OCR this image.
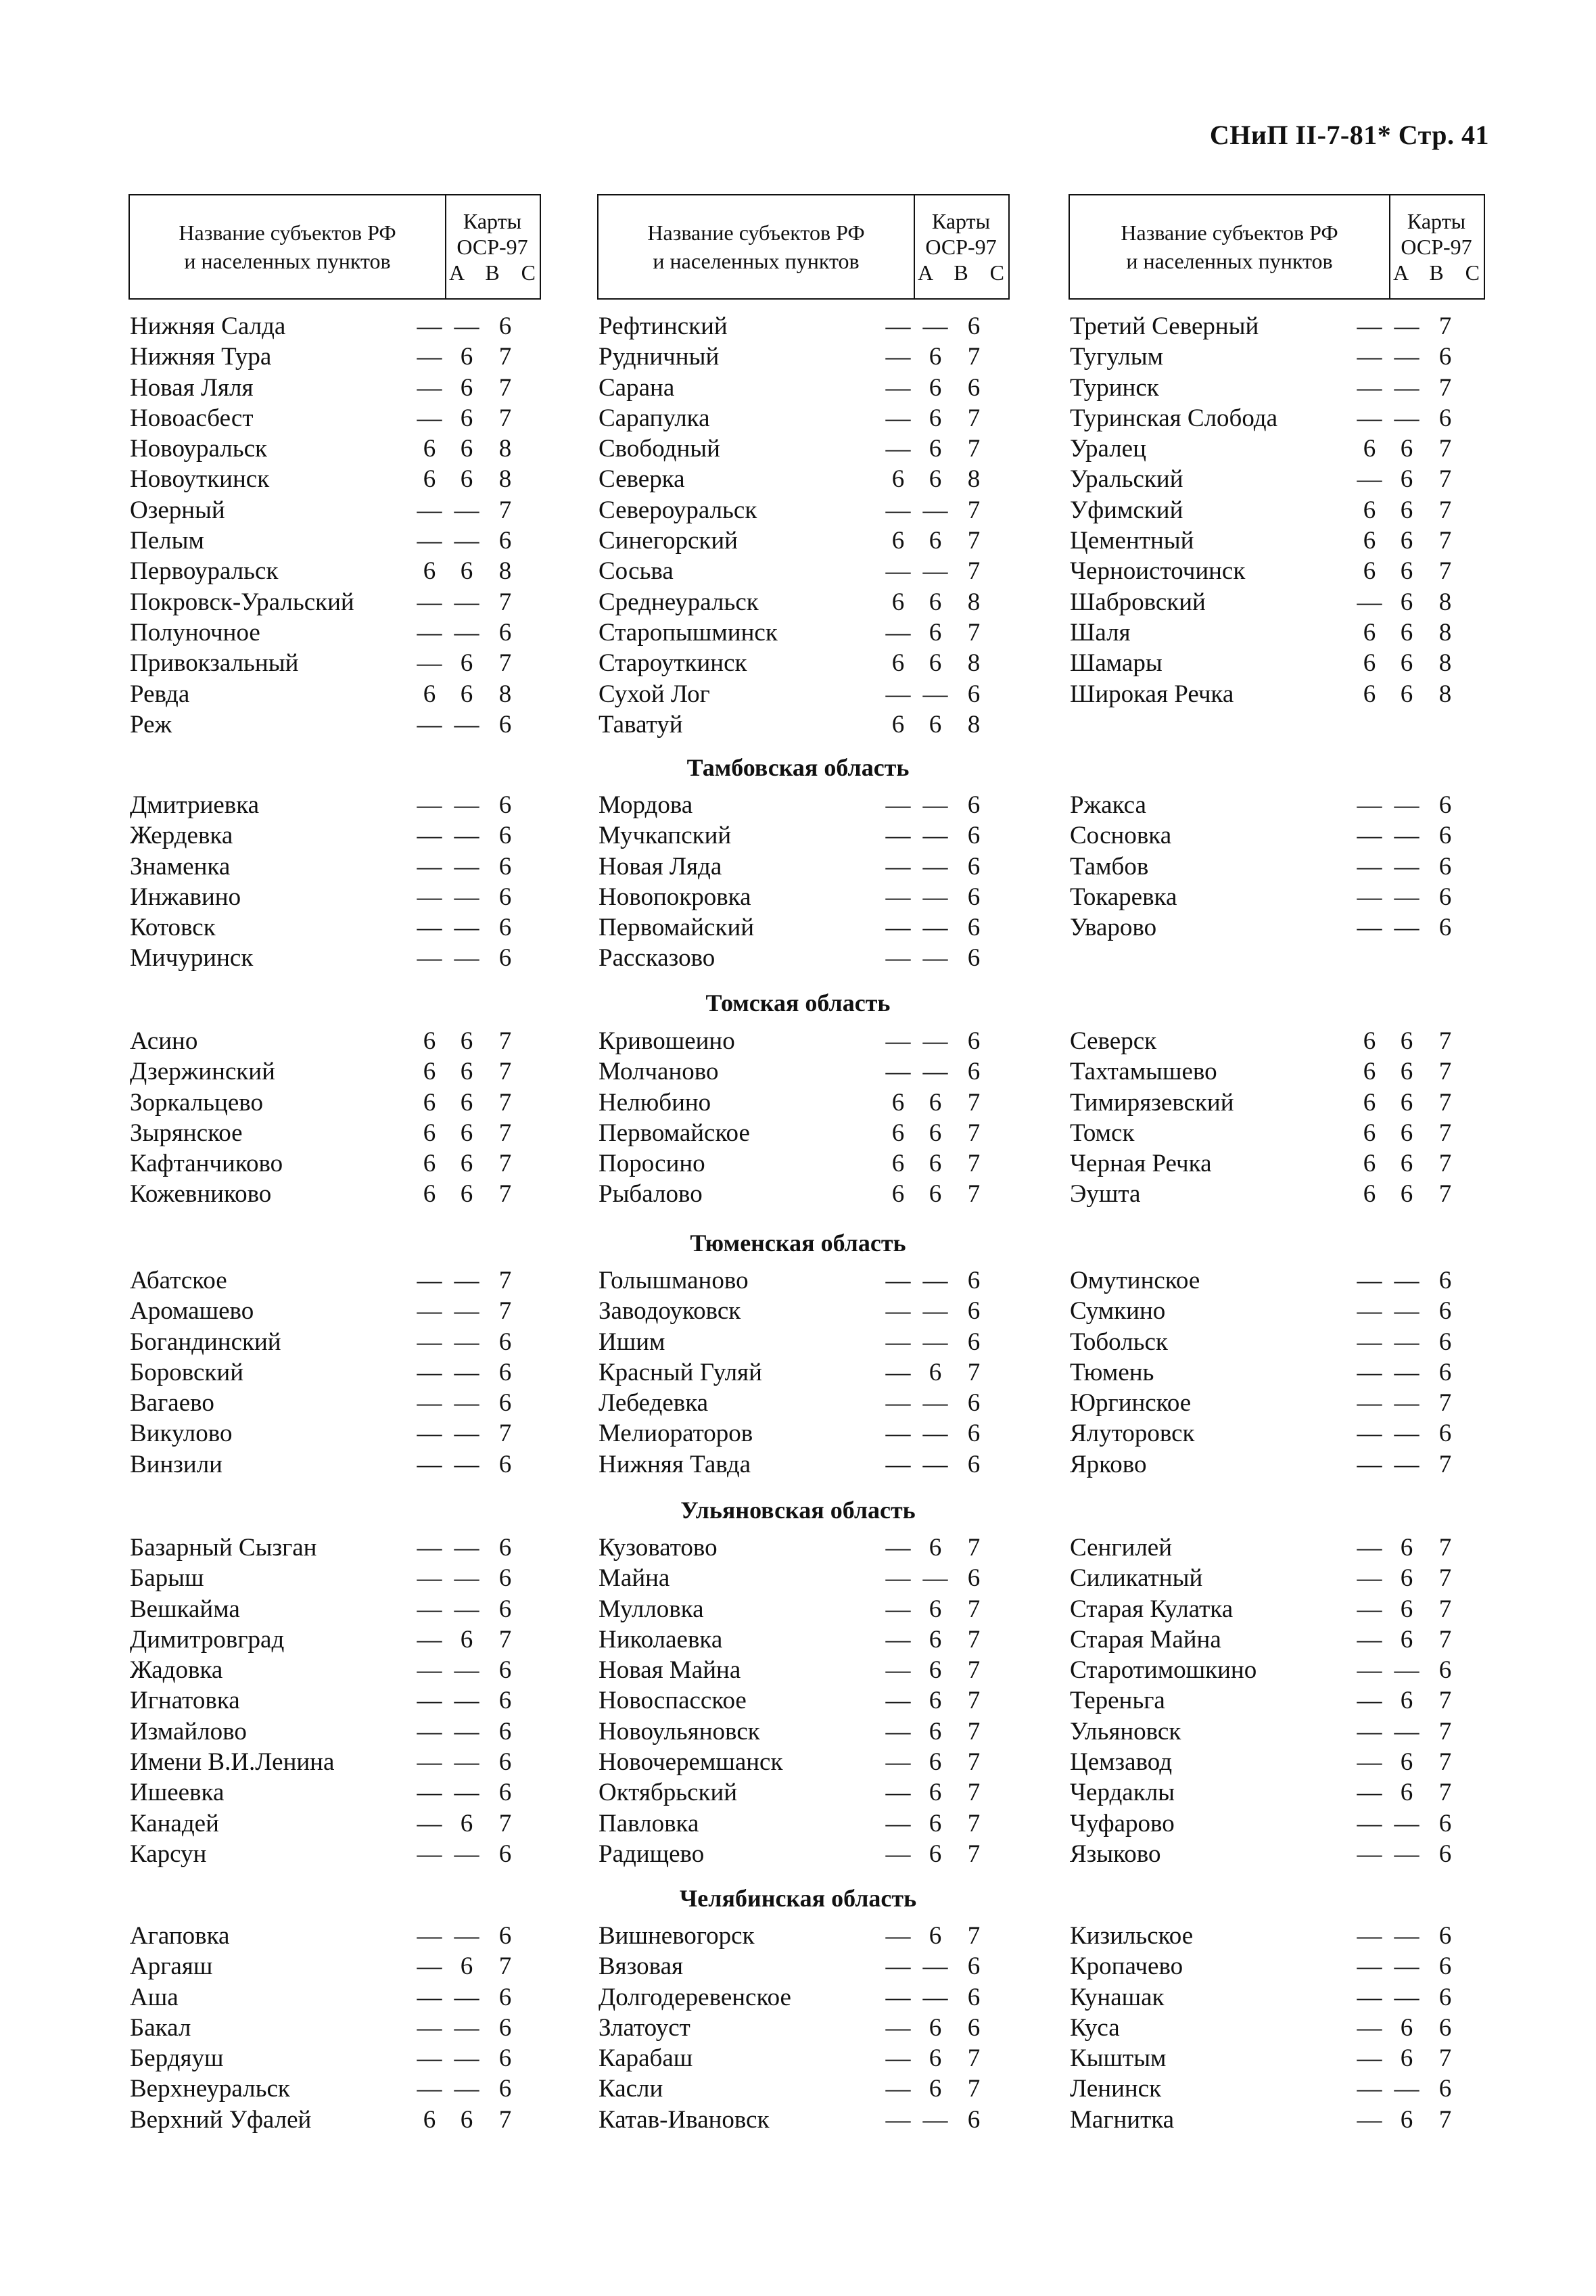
СНиП II-7-81* Стр. 41
Название субъектов РФ
и населенных пунктов
Карты
ОСР-97
A B C
Название субъектов РФ
и населенных пунктов
Карты
ОСР-97
A B C
Название субъектов РФ
и населенных пунктов
Карты
ОСР-97
A B C
Нижняя Салда	— — 6
Нижняя Тура	— 6	7
Новая Ляля	— 6	7
Новоасбест	— 6	7
Новоуральск	6 6	8
Новоуткинск	6 6	8
Озерный	— — 7
Пелым	— — 6
Первоуральск	6 6	8
Покровск-Уральский	— — 7
Полуночное	— — 6
Привокзальный	— 6	7
Ревда	6 6	8
Реж	— — 6
Рефтинский	— — 6
Рудничный	— 6	7
Сарана	— 6	6
Сарапулка	— 6	7
Свободный	— 6	7
Северка	6 6	8
Североуральск	— — 7
Синегорский	6 6	7
Сосьва	— — 7
Среднеуральск	6 6	8
Старопышминск	— 6	7
Староуткинск	6 6	8
Сухой Лог	— — 6
Таватуй	6 6	8
Третий Северный	— — 7
Тугулым	— — 6
Туринск	— — 7
Туринская Слобода	— — 6
Уралец	6 6	7
Уральский	— 6	7
Уфимский	6 6	7
Цементный	6 6	7
Черноисточинск	6 6	7
Шабровский	— 6	8
Шаля	6 6	8
Шамары	6 6	8
Широкая Речка	6 6	8
Тамбовская область
Дмитриевка	— — 6
Жердевка	— — 6
Знаменка	— — 6
Инжавино	— — 6
Котовск	— — 6
Мичуринск	— — 6
Мордова	— — 6
Мучкапский	— — 6
Новая Ляда	— — 6
Новопокровка	— — 6
Первомайский	— — 6
Рассказово	— — 6
Ржакса	— — 6
Сосновка	— — 6
Тамбов	— — 6
Токаревка	— — 6
Уварово	— — 6
Томская область
Асино	6 6	7
Дзержинский	6 6	7
Зоркальцево	6 6	7
Зырянское	6 6	7
Кафтанчиково	6 6	7
Кожевниково	6 6	7
Кривошеино	— — 6
Молчаново	— — 6
Нелюбино	6 6	7
Первомайское	6 6	7
Поросино	6 6	7
Рыбалово	6 6	7
Северск	6 6	7
Тахтамышево	6 6	7
Тимирязевский	6 6	7
Томск	6 6	7
Черная Речка	6 6	7
Эушта	6 6	7
Тюменская область
Абатское	— — 7
Аромашево	— — 7
Богандинский	— — 6
Боровский	— — 6
Вагаево	— — 6
Викулово	— — 7
Винзили	— — 6
Голышманово	— — 6
Заводоуковск	— — 6
Ишим	— — 6
Красный Гуляй	— 6	7
Лебедевка	— — 6
Мелиораторов	— — 6
Нижняя Тавда	— — 6
Омутинское	— — 6
Сумкино	— — 6
Тобольск	— — 6
Тюмень	— — 6
Юргинское	— — 7
Ялуторовск	— — 6
Ярково	— — 7
Ульяновская область
Базарный Сызган	— — 6
Барыш	— — 6
Вешкайма	— — 6
Димитровград	— 6	7
Жадовка	— — 6
Игнатовка	— — 6
Измайлово	— — 6
Имени В.И.Ленина	— — 6
Ишеевка	— — 6
Канадей	— 6	7
Карсун	— — 6
Кузоватово	— 6	7
Майна	— — 6
Мулловка	— 6	7
Николаевка	— 6	7
Новая Майна	— 6	7
Новоспасское	— 6	7
Новоульяновск	— 6	7
Новочеремшанск	— 6	7
Октябрьский	— 6	7
Павловка	— 6	7
Радищево	— 6	7
Сенгилей	— 6	7
Силикатный	— 6	7
Старая Кулатка	— 6	7
Старая Майна	— 6	7
Старотимошкино	— — 6
Тереньга	— 6	7
Ульяновск	— — 7
Цемзавод	— 6	7
Чердаклы	— 6	7
Чуфарово	— — 6
Языково	— — 6
Челябинская область
Агаповка	— — 6
Аргаяш	— 6	7
Аша	— — 6
Бакал	— — 6
Бердяуш	— — 6
Верхнеуральск	— — 6
Верхний Уфалей	6 6	7
Вишневогорск	— 6	7
Вязовая	— — 6
Долгодеревенское	— — 6
Златоуст	— 6	6
Карабаш	— 6	7
Касли	— 6	7
Катав-Ивановск	— — 6
Кизильское	— — 6
Кропачево	— — 6
Кунашак	— — 6
Куса	— 6	6
Кыштым	— 6	7
Ленинск	— — 6
Магнитка	— 6	7
